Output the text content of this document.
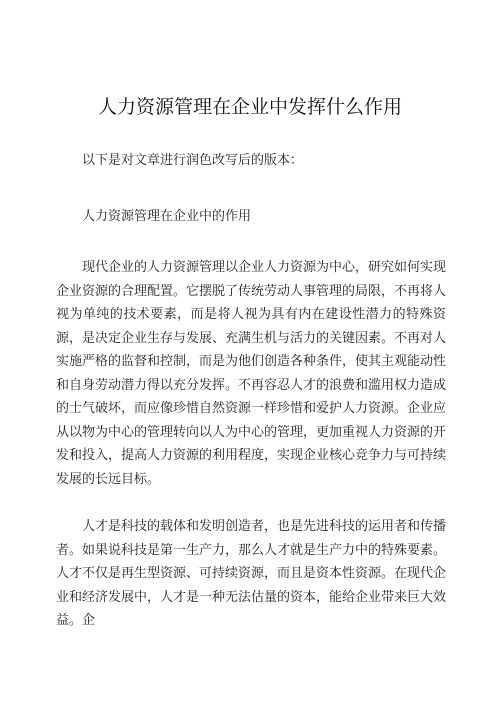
人力资源管理在企业中发挥什么作用

以下是对文章进行润色改写后的版本：

人力资源管理在企业中的作用

现代企业的人力资源管理以企业人力资源为中心，研究如何实现企业资源的合理配置。它摆脱了传统劳动人事管理的局限，不再将人视为单纯的技术要素，而是将人视为具有内在建设性潜力的特殊资源，是决定企业生存与发展、充满生机与活力的关键因素。不再对人实施严格的监督和控制，而是为他们创造各种条件，使其主观能动性和自身劳动潜力得以充分发挥。不再容忍人才的浪费和滥用权力造成的士气破坏，而应像珍惜自然资源一样珍惜和爱护人力资源。企业应从以物为中心的管理转向以人为中心的管理，更加重视人力资源的开发和投入，提高人力资源的利用程度，实现企业核心竞争力与可持续发展的长远目标。

人才是科技的载体和发明创造者，也是先进科技的运用者和传播者。如果说科技是第一生产力，那么人才就是生产力中的特殊要素。人才不仅是再生型资源、可持续资源，而且是资本性资源。在现代企业和经济发展中，人才是一种无法估量的资本，能给企业带来巨大效益。企
